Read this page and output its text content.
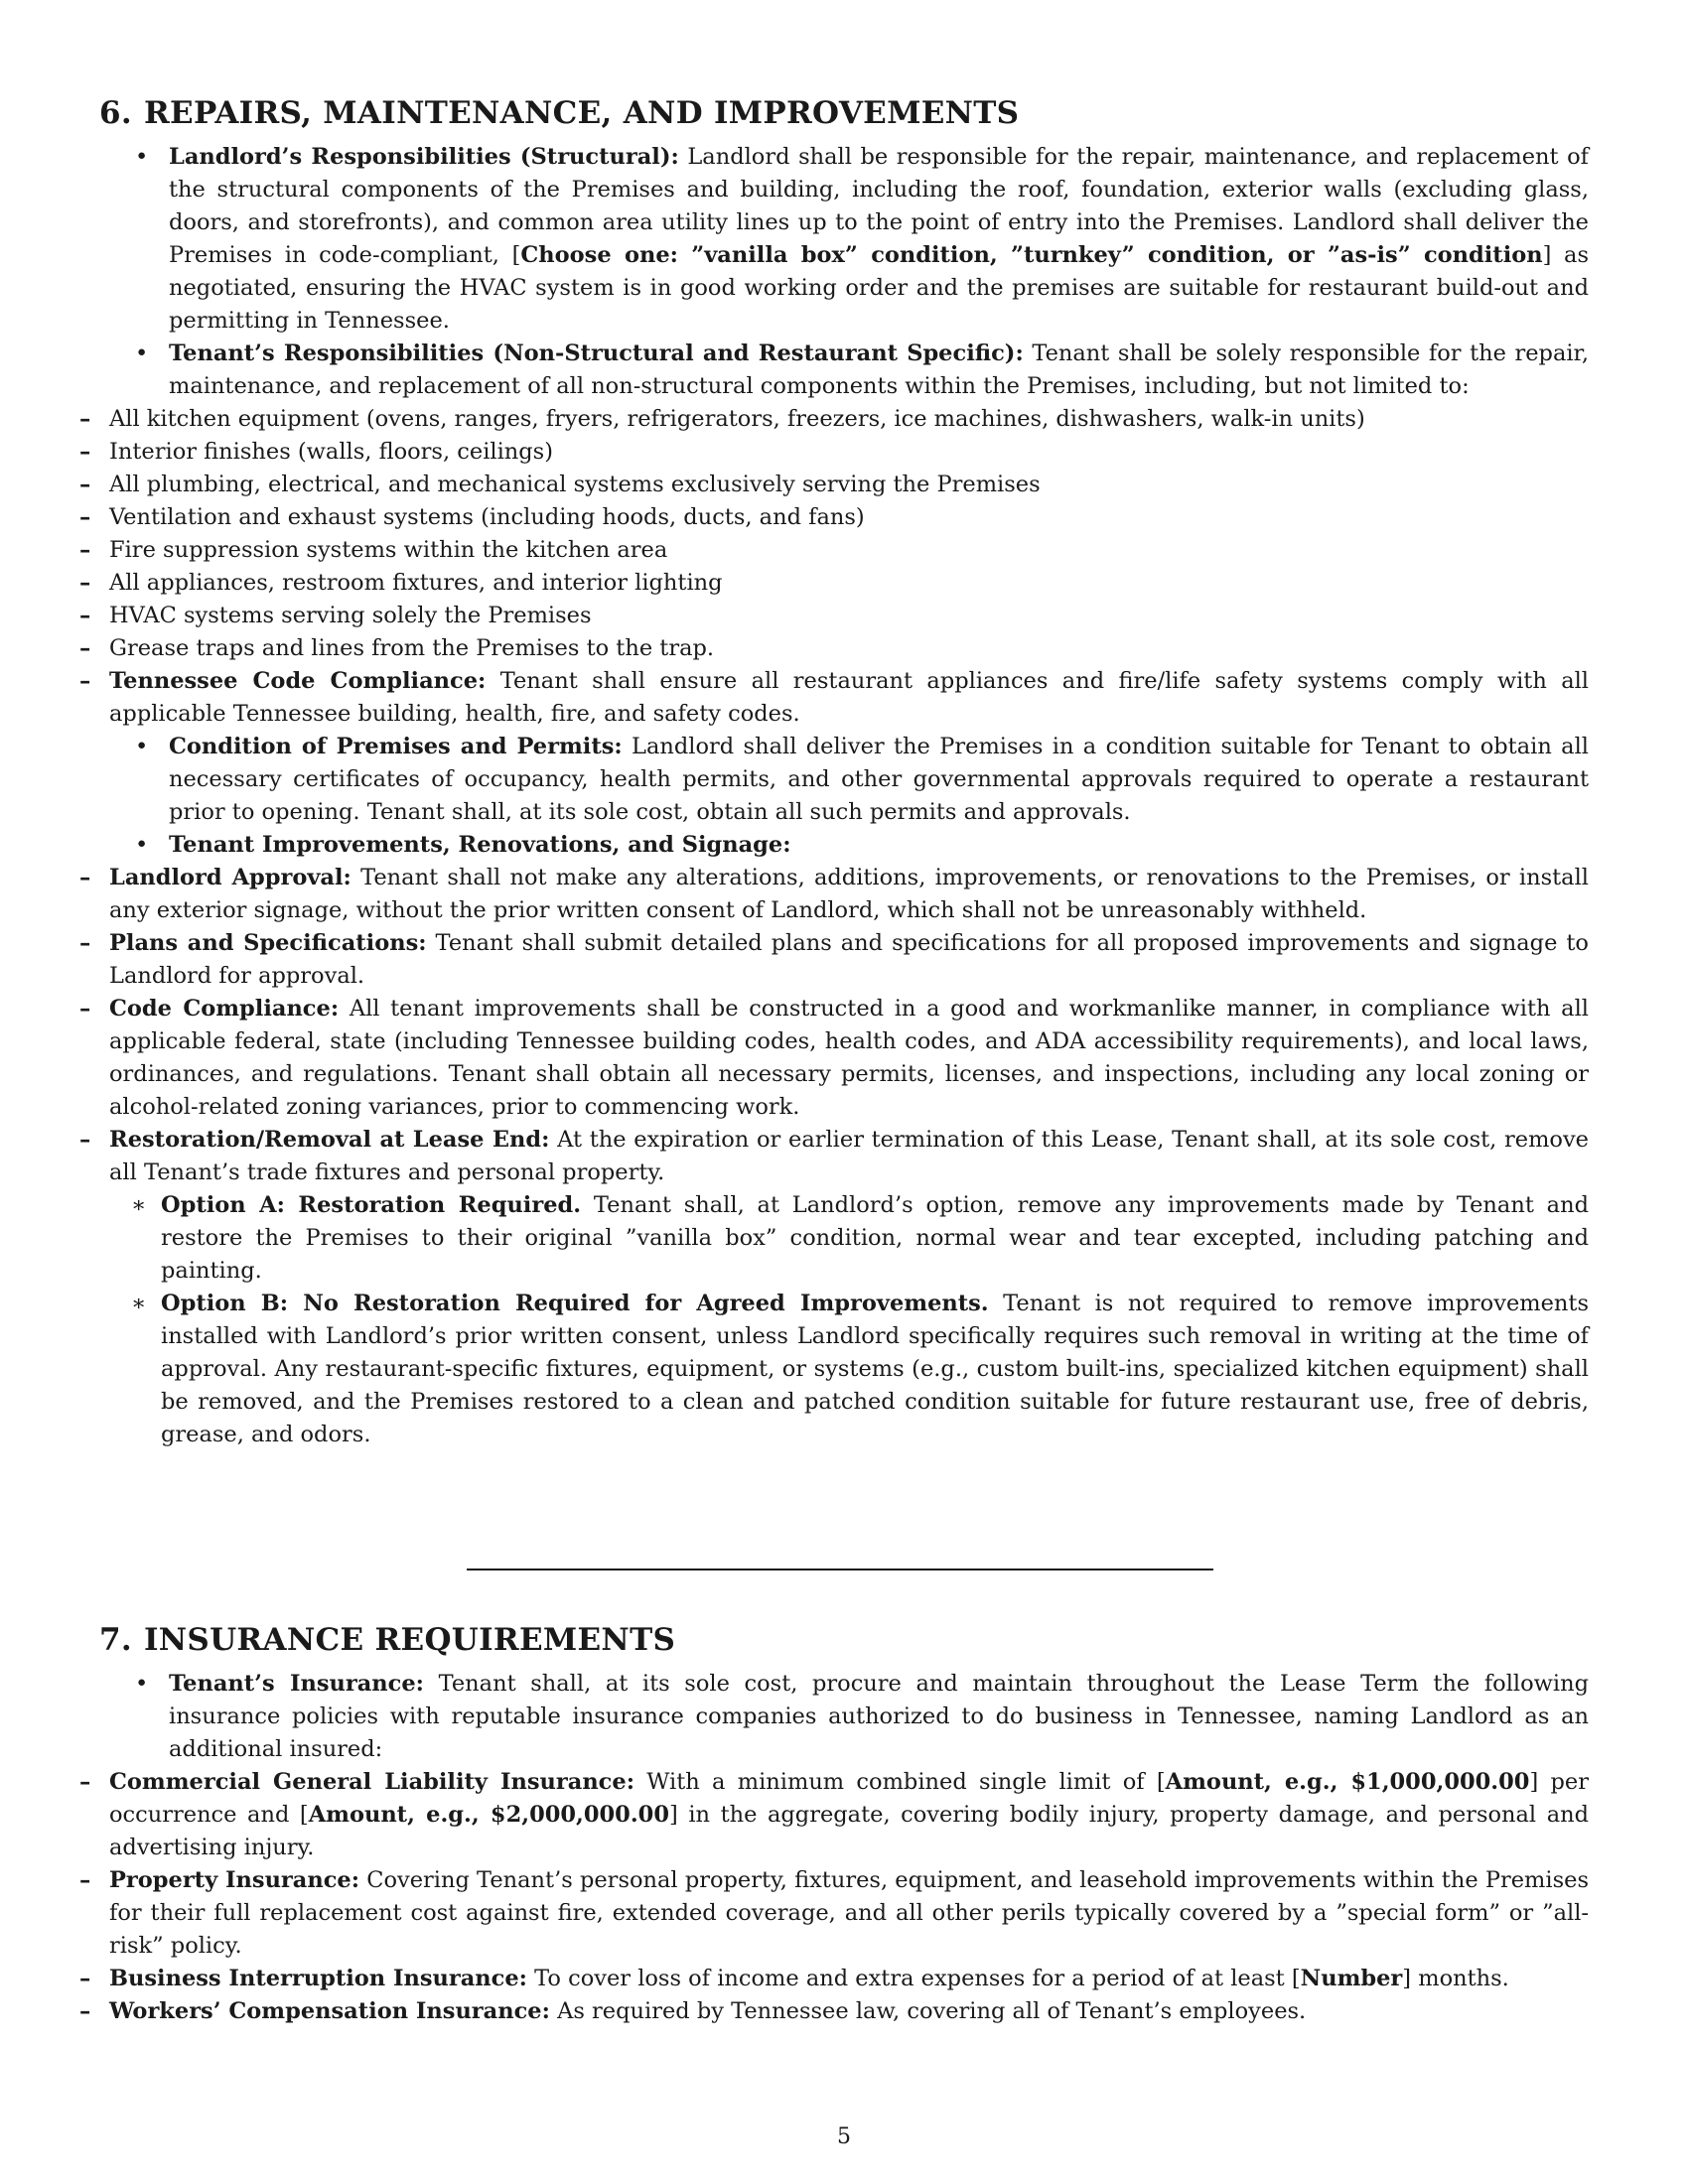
6. REPAIRS, MAINTENANCE, AND IMPROVEMENTS
• Landlord’s Responsibilities (Structural): Landlord shall be responsible for the repair, maintenance, and replacement of the structural components of the Premises and building, including the roof, foundation, exterior walls (excluding glass, doors, and storefronts), and common area utility lines up to the point of entry into the Premises. Landlord shall deliver the Premises in code-compliant, [Choose one: ”vanilla box” condition, ”turnkey” condition, or ”as-is” condition] as negotiated, ensuring the HVAC system is in good working order and the premises are suitable for restaurant build-out and permitting in Tennessee.
• Tenant’s Responsibilities (Non-Structural and Restaurant Specific): Tenant shall be solely responsible for the repair, maintenance, and replacement of all non-structural components within the Premises, including, but not limited to:
– All kitchen equipment (ovens, ranges, fryers, refrigerators, freezers, ice machines, dishwashers, walk-in units)
– Interior finishes (walls, floors, ceilings)
– All plumbing, electrical, and mechanical systems exclusively serving the Premises
– Ventilation and exhaust systems (including hoods, ducts, and fans)
– Fire suppression systems within the kitchen area
– All appliances, restroom fixtures, and interior lighting
– HVAC systems serving solely the Premises
– Grease traps and lines from the Premises to the trap.
– Tennessee Code Compliance: Tenant shall ensure all restaurant appliances and fire/life safety systems comply with all applicable Tennessee building, health, fire, and safety codes.
• Condition of Premises and Permits: Landlord shall deliver the Premises in a condition suitable for Tenant to obtain all necessary certificates of occupancy, health permits, and other governmental approvals required to operate a restaurant prior to opening. Tenant shall, at its sole cost, obtain all such permits and approvals.
• Tenant Improvements, Renovations, and Signage:
– Landlord Approval: Tenant shall not make any alterations, additions, improvements, or renovations to the Premises, or install any exterior signage, without the prior written consent of Landlord, which shall not be unreasonably withheld.
– Plans and Specifications: Tenant shall submit detailed plans and specifications for all proposed improvements and signage to Landlord for approval.
– Code Compliance: All tenant improvements shall be constructed in a good and workmanlike manner, in compliance with all applicable federal, state (including Tennessee building codes, health codes, and ADA accessibility requirements), and local laws, ordinances, and regulations. Tenant shall obtain all necessary permits, licenses, and inspections, including any local zoning or alcohol-related zoning variances, prior to commencing work.
– Restoration/Removal at Lease End: At the expiration or earlier termination of this Lease, Tenant shall, at its sole cost, remove all Tenant’s trade fixtures and personal property.
∗ Option A: Restoration Required. Tenant shall, at Landlord’s option, remove any improvements made by Tenant and restore the Premises to their original ”vanilla box” condition, normal wear and tear excepted, including patching and painting.
∗ Option B: No Restoration Required for Agreed Improvements. Tenant is not required to remove improvements installed with Landlord’s prior written consent, unless Landlord specifically requires such removal in writing at the time of approval. Any restaurant-specific fixtures, equipment, or systems (e.g., custom built-ins, specialized kitchen equipment) shall be removed, and the Premises restored to a clean and patched condition suitable for future restaurant use, free of debris, grease, and odors.
7. INSURANCE REQUIREMENTS
• Tenant’s Insurance: Tenant shall, at its sole cost, procure and maintain throughout the Lease Term the following insurance policies with reputable insurance companies authorized to do business in Tennessee, naming Landlord as an additional insured:
– Commercial General Liability Insurance: With a minimum combined single limit of [Amount, e.g., $1,000,000.00] per occurrence and [Amount, e.g., $2,000,000.00] in the aggregate, covering bodily injury, property damage, and personal and advertising injury.
– Property Insurance: Covering Tenant’s personal property, fixtures, equipment, and leasehold improvements within the Premises for their full replacement cost against fire, extended coverage, and all other perils typically covered by a ”special form” or ”all-risk” policy.
– Business Interruption Insurance: To cover loss of income and extra expenses for a period of at least [Number] months.
– Workers’ Compensation Insurance: As required by Tennessee law, covering all of Tenant’s employees.
5
